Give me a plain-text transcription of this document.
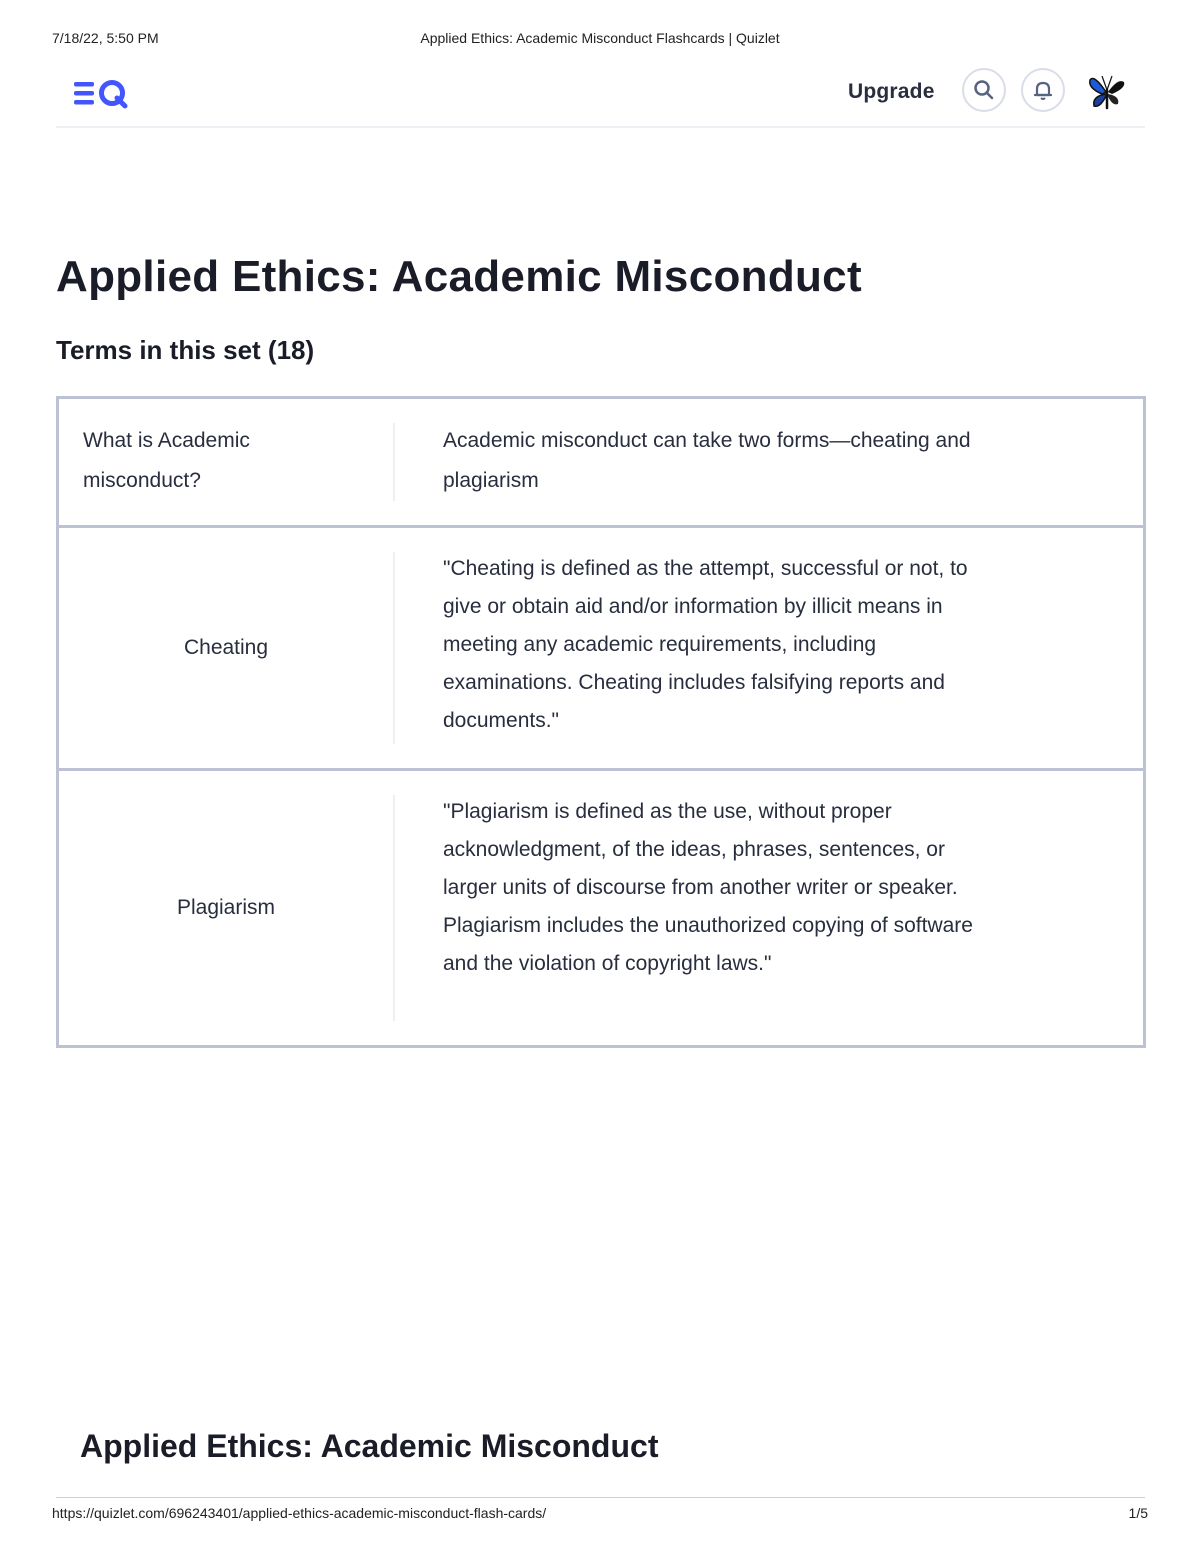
7/18/22, 5:50 PM	Applied Ethics: Academic Misconduct Flashcards | Quizlet
Upgrade
Applied Ethics: Academic Misconduct
Terms in this set (18)
What is Academic misconduct?
Academic misconduct can take two forms—cheating and plagiarism
Cheating
"Cheating is defined as the attempt, successful or not, to give or obtain aid and/or information by illicit means in meeting any academic requirements, including examinations. Cheating includes falsifying reports and documents."
Plagiarism
"Plagiarism is defined as the use, without proper acknowledgment, of the ideas, phrases, sentences, or larger units of discourse from another writer or speaker. Plagiarism includes the unauthorized copying of software and the violation of copyright laws."
Applied Ethics: Academic Misconduct
https://quizlet.com/696243401/applied-ethics-academic-misconduct-flash-cards/	1/5
